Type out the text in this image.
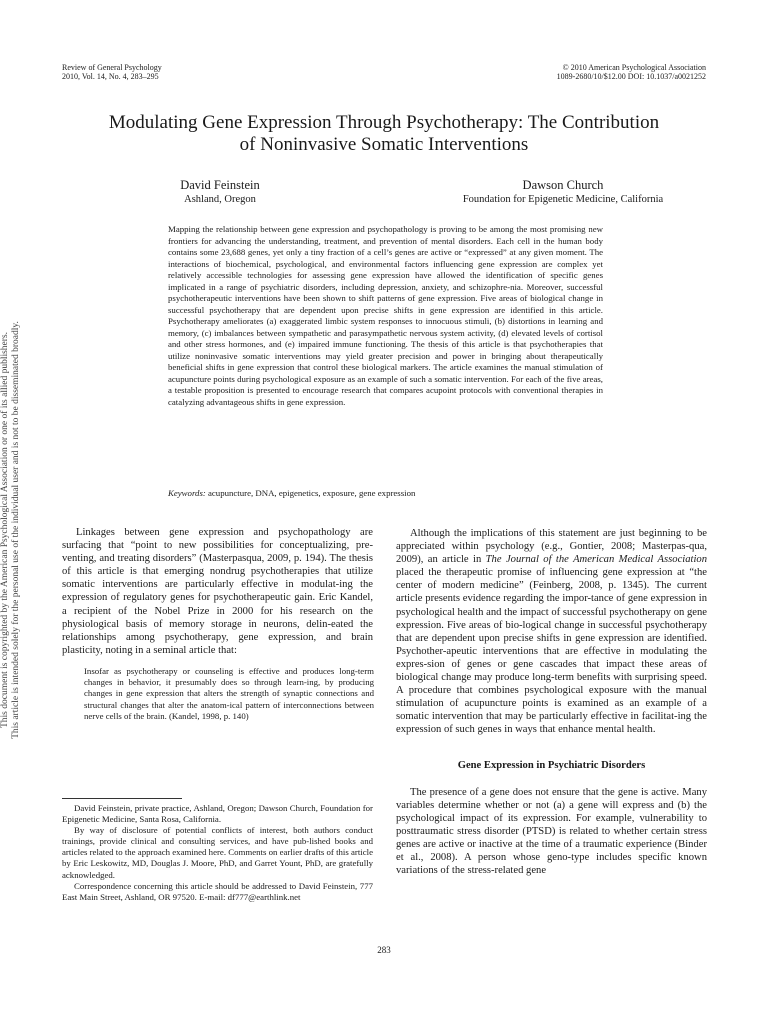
Review of General Psychology
2010, Vol. 14, No. 4, 283–295
© 2010 American Psychological Association
1089-2680/10/$12.00 DOI: 10.1037/a0021252
This document is copyrighted by the American Psychological Association or one of its allied publishers. This article is intended solely for the personal use of the individual user and is not to be disseminated broadly.
Modulating Gene Expression Through Psychotherapy: The Contribution
of Noninvasive Somatic Interventions
David Feinstein
Ashland, Oregon
Dawson Church
Foundation for Epigenetic Medicine, California

Mapping the relationship between gene expression and psychopathology is proving to be among the most promising new frontiers for advancing the understanding, treatment, and prevention of mental disorders. Each cell in the human body contains some 23,688 genes, yet only a tiny fraction of a cell’s genes are active or “expressed” at any given moment. The interactions of biochemical, psychological, and environmental factors influencing gene expression are complex yet relatively accessible technologies for assessing gene expression have allowed the identification of specific genes implicated in a range of psychiatric disorders, including depression, anxiety, and schizophre-nia. Moreover, successful psychotherapeutic interventions have been shown to shift patterns of gene expression. Five areas of biological change in successful psychotherapy that are dependent upon precise shifts in gene expression are identified in this article. Psychotherapy ameliorates (a) exaggerated limbic system responses to innocuous stimuli, (b) distortions in learning and memory, (c) imbalances between sympathetic and parasympathetic nervous system activity, (d) elevated levels of cortisol and other stress hormones, and (e) impaired immune functioning. The thesis of this article is that psychotherapies that utilize noninvasive somatic interventions may yield greater precision and power in bringing about therapeutically beneficial shifts in gene expression that control these biological markers. The article examines the manual stimulation of acupuncture points during psychological exposure as an example of such a somatic intervention. For each of the five areas, a testable proposition is presented to encourage research that compares acupoint protocols with conventional therapies in catalyzing advantageous shifts in gene expression.

Keywords: acupuncture, DNA, epigenetics, exposure, gene expression

Linkages between gene expression and psychopathology are surfacing that “point to new possibilities for conceptualizing, pre-venting, and treating disorders” (Masterpasqua, 2009, p. 194). The thesis of this article is that emerging nondrug psychotherapies that utilize somatic interventions are particularly effective in modulat-ing the expression of regulatory genes for psychotherapeutic gain. Eric Kandel, a recipient of the Nobel Prize in 2000 for his research on the physiological basis of memory storage in neurons, delin-eated the relationships among psychotherapy, gene expression, and brain plasticity, noting in a seminal article that:

Insofar as psychotherapy or counseling is effective and produces long-term changes in behavior, it presumably does so through learn-ing, by producing changes in gene expression that alters the strength of synaptic connections and structural changes that alter the anatom-ical pattern of interconnections between nerve cells of the brain. (Kandel, 1998, p. 140)

David Feinstein, private practice, Ashland, Oregon; Dawson Church, Foundation for Epigenetic Medicine, Santa Rosa, California.

By way of disclosure of potential conflicts of interest, both authors conduct trainings, provide clinical and consulting services, and have pub-lished books and articles related to the approach examined here. Comments on earlier drafts of this article by Eric Leskowitz, MD, Douglas J. Moore, PhD, and Garret Yount, PhD, are gratefully acknowledged.

Correspondence concerning this article should be addressed to David Feinstein, 777 East Main Street, Ashland, OR 97520. E-mail: df777@earthlink.net

Although the implications of this statement are just beginning to be appreciated within psychology (e.g., Gontier, 2008; Masterpas-qua, 2009), an article in The Journal of the American Medical Association placed the therapeutic promise of influencing gene expression at “the center of modern medicine” (Feinberg, 2008, p. 1345). The current article presents evidence regarding the impor-tance of gene expression in psychological health and the impact of successful psychotherapy on gene expression. Five areas of bio-logical change in successful psychotherapy that are dependent upon precise shifts in gene expression are identified. Psychother-apeutic interventions that are effective in modulating the expres-sion of genes or gene cascades that impact these areas of biological change may produce long-term benefits with surprising speed. A procedure that combines psychological exposure with the manual stimulation of acupuncture points is examined as an example of a somatic intervention that may be particularly effective in facilitat-ing the expression of such genes in ways that enhance mental health.

Gene Expression in Psychiatric Disorders

The presence of a gene does not ensure that the gene is active. Many variables determine whether or not (a) a gene will express and (b) the psychological impact of its expression. For example, vulnerability to posttraumatic stress disorder (PTSD) is related to whether certain stress genes are active or inactive at the time of a traumatic experience (Binder et al., 2008). A person whose geno-type includes specific known variations of the stress-related gene

283
